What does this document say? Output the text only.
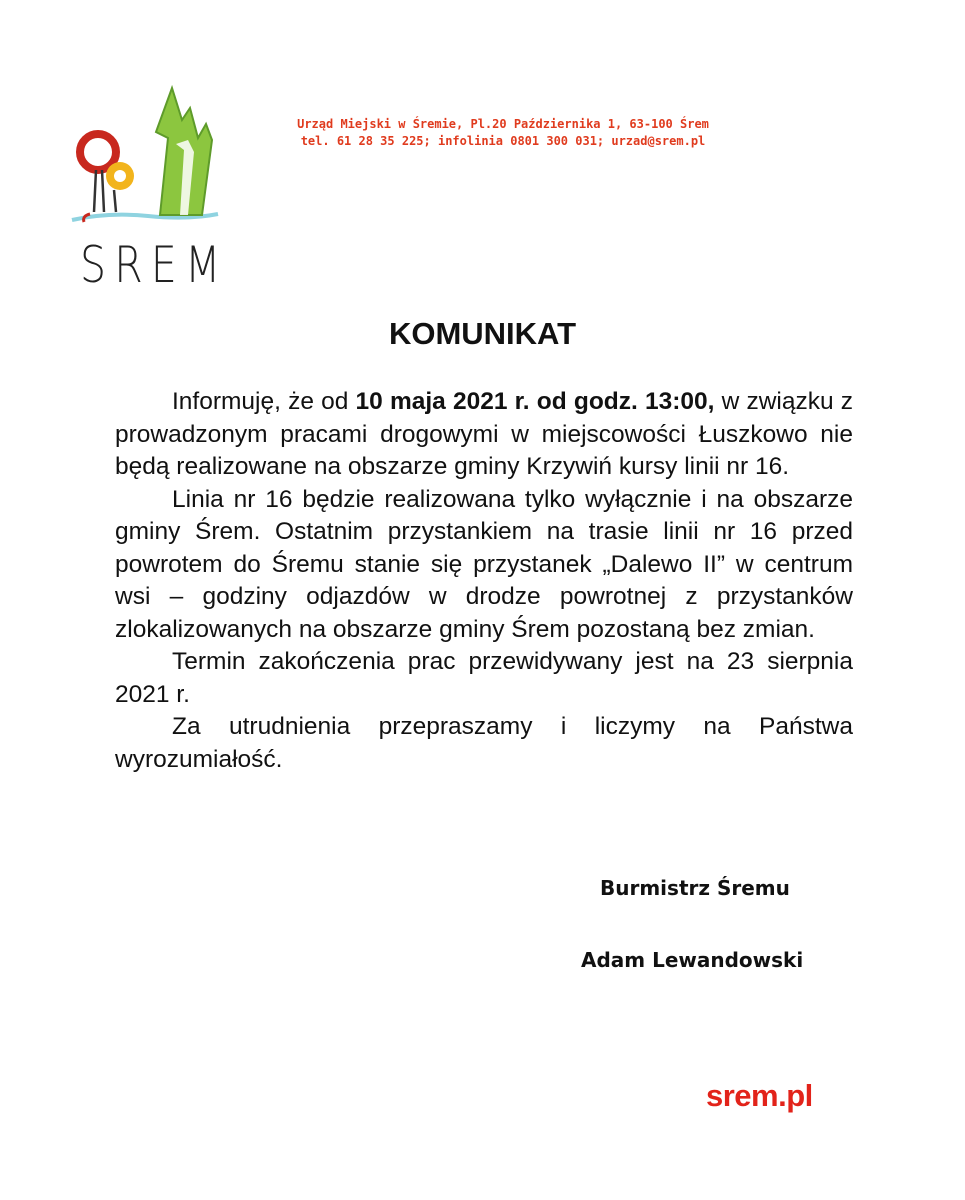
SREM
Urząd Miejski w Śremie, Pl.20 Października 1, 63-100 Śrem
tel. 61 28 35 225; infolinia 0801 300 031; urzad@srem.pl
KOMUNIKAT

Informuję, że od 10 maja 2021 r. od godz. 13:00, w związku z prowadzonym pracami drogowymi w miejscowości Łuszkowo nie będą realizowane na obszarze gminy Krzywiń kursy linii nr 16.

Linia nr 16 będzie realizowana tylko wyłącznie i na obszarze gminy Śrem. Ostatnim przystankiem na trasie linii nr 16 przed powrotem do Śremu stanie się przystanek „Dalewo II” w centrum wsi – godziny odjazdów w drodze powrotnej z przystanków zlokalizowanych na obszarze gminy Śrem pozostaną bez zmian.

Termin zakończenia prac przewidywany jest na 23 sierpnia 2021 r.

Za utrudnienia przepraszamy i liczymy na Państwa wyrozumiałość.

Burmistrz Śremu
Adam Lewandowski
srem.pl
